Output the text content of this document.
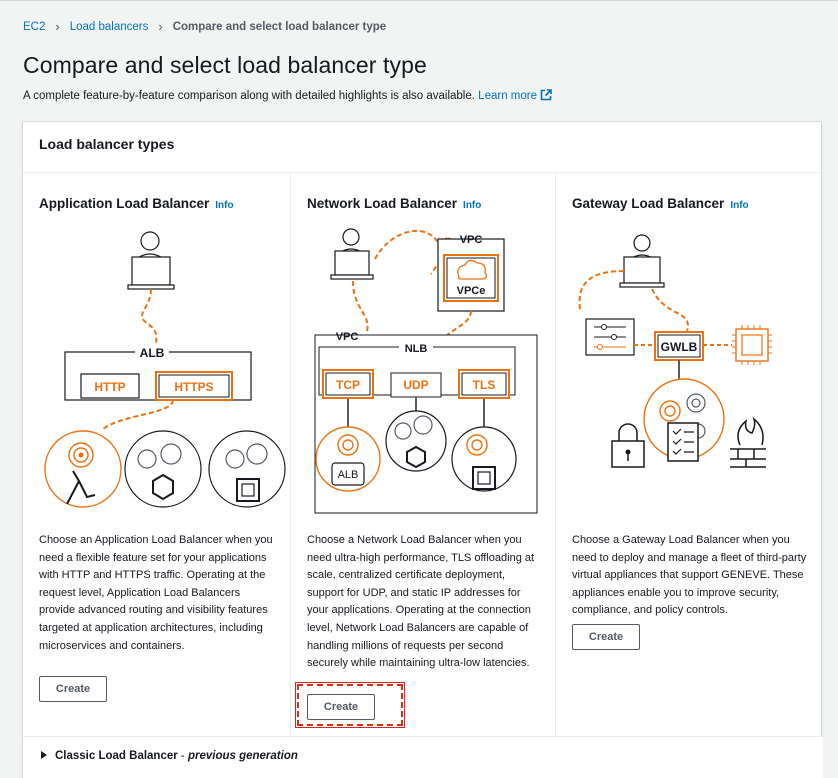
EC2 › Load balancers › Compare and select load balancer type
Compare and select load balancer type
A complete feature-by-feature comparison along with detailed highlights is also available. Learn more
Load balancer types
Application Load Balancer Info
ALB
HTTP	HTTPS

Choose an Application Load Balancer when you need a flexible feature set for your applications with HTTP and HTTPS traffic. Operating at the request level, Application Load Balancers provide advanced routing and visibility features targeted at application architectures, including microservices and containers.

Create
Network Load Balancer Info
VPC
VPCe
VPC
NLB
TCP	UDP	TLS
ALB

Choose a Network Load Balancer when you need ultra-high performance, TLS offloading at scale, centralized certificate deployment, support for UDP, and static IP addresses for your applications. Operating at the connection level, Network Load Balancers are capable of handling millions of requests per second securely while maintaining ultra-low latencies.

Create
Gateway Load Balancer Info
GWLB

Choose a Gateway Load Balancer when you need to deploy and manage a fleet of third-party virtual appliances that support GENEVE. These appliances enable you to improve security, compliance, and policy controls.

Create
Classic Load Balancer - previous generation
